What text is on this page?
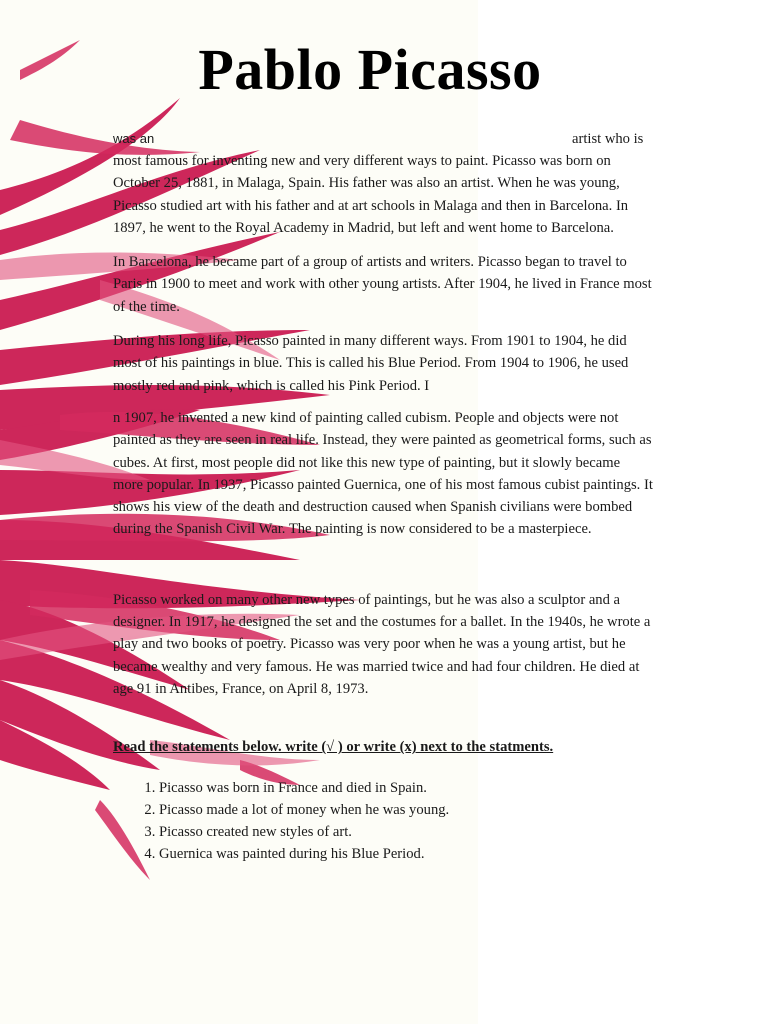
Pablo Picasso
was an	artist who is

most famous for inventing new and very different ways to paint. Picasso was born on October 25, 1881, in Malaga, Spain. His father was also an artist. When he was young, Picasso studied art with his father and at art schools in Malaga and then in Barcelona. In 1897, he went to the Royal Academy in Madrid, but left and went home to Barcelona.

In Barcelona, he became part of a group of artists and writers. Picasso began to travel to Paris in 1900 to meet and work with other young artists. After 1904, he lived in France most of the time.

During his long life, Picasso painted in many different ways. From 1901 to 1904, he did most of his paintings in blue. This is called his Blue Period. From 1904 to 1906, he used mostly red and pink, which is called his Pink Period. I

n 1907, he invented a new kind of painting called cubism. People and objects were not painted as they are seen in real life. Instead, they were painted as geometrical forms, such as cubes. At first, most people did not like this new type of painting, but it slowly became more popular. In 1937, Picasso painted Guernica, one of his most famous cubist paintings. It shows his view of the death and destruction caused when Spanish civilians were bombed during the Spanish Civil War. The painting is now considered to be a masterpiece.

Picasso worked on many other new types of paintings, but he was also a sculptor and a designer. In 1917, he designed the set and the costumes for a ballet. In the 1940s, he wrote a play and two books of poetry. Picasso was very poor when he was a young artist, but he became wealthy and very famous. He was married twice and had four children. He died at age 91 in Antibes, France, on April 8, 1973.

Read the statements below. write (√ ) or write (x) next to the statments.

1. Picasso was born in France and died in Spain.
2. Picasso made a lot of money when he was young.
3. Picasso created new styles of art.
4. Guernica was painted during his Blue Period.
